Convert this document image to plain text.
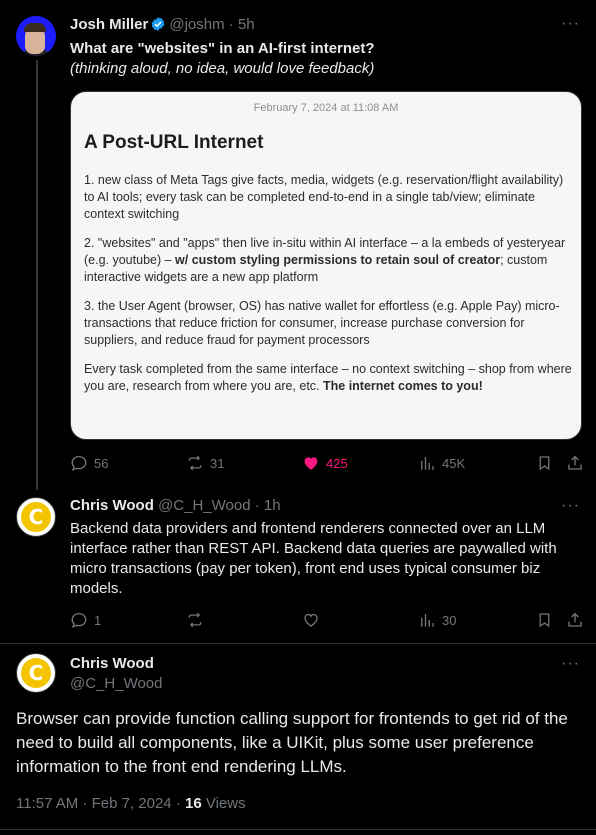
Josh Miller @joshm · 5h	···
What are "websites" in an AI-first internet?
(thinking aloud, no idea, would love feedback)
February 7, 2024 at 11:08 AM
A Post-URL Internet
1. new class of Meta Tags give facts, media, widgets (e.g. reservation/flight availability) to AI tools; every task can be completed end-to-end in a single tab/view; eliminate context switching
2. "websites" and "apps" then live in-situ within AI interface – a la embeds of yesteryear (e.g. youtube) – w/ custom styling permissions to retain soul of creator; custom interactive widgets are a new app platform
3. the User Agent (browser, OS) has native wallet for effortless (e.g. Apple Pay) micro-transactions that reduce friction for consumer, increase purchase conversion for suppliers, and reduce fraud for payment processors
Every task completed from the same interface – no context switching – shop from where you are, research from where you are, etc. The internet comes to you!
56	31	425	45K
C	Chris Wood @C_H_Wood · 1h	···
Backend data providers and frontend renderers connected over an LLM interface rather than REST API. Backend data queries are paywalled with micro transactions (pay per token), front end uses typical consumer biz models.
1	30
C	Chris Wood
@C_H_Wood
···
Browser can provide function calling support for frontends to get rid of the need to build all components, like a UIKit, plus some user preference information to the front end rendering LLMs.
11:57 AM · Feb 7, 2024 · 16 Views
